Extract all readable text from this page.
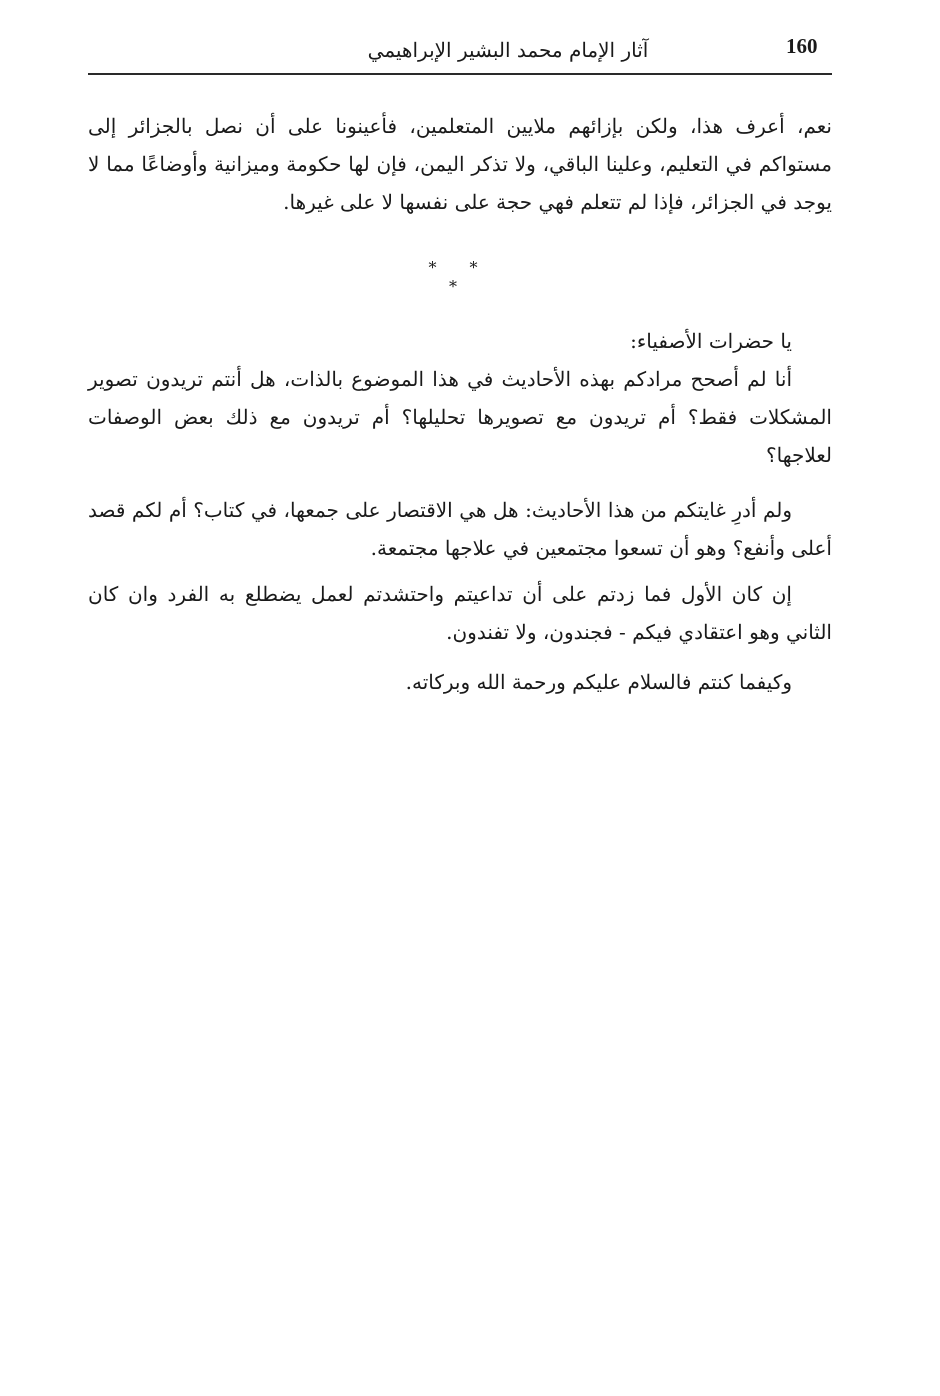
160
آثار الإمام محمد البشير الإبراهيمي

نعم، أعرف هذا، ولكن بإزائهم ملايين المتعلمين، فأعينونا على أن نصل بالجزائر إلى مستواكم في التعليم، وعلينا الباقي، ولا تذكر اليمن، فإن لها حكومة وميزانية وأوضاعًا مما لا يوجد في الجزائر، فإذا لم تتعلم فهي حجة على نفسها لا على غيرها.

* * *

يا حضرات الأصفياء:

أنا لم أصحح مرادكم بهذه الأحاديث في هذا الموضوع بالذات، هل أنتم تريدون تصوير المشكلات فقط؟ أم تريدون مع تصويرها تحليلها؟ أم تريدون مع ذلك بعض الوصفات لعلاجها؟

ولم أدرِ غايتكم من هذا الأحاديث: هل هي الاقتصار على جمعها، في كتاب؟ أم لكم قصد أعلى وأنفع؟ وهو أن تسعوا مجتمعين في علاجها مجتمعة.

إن كان الأول فما زدتم على أن تداعيتم واحتشدتم لعمل يضطلع به الفرد وان كان الثاني وهو اعتقادي فيكم - فجندون، ولا تفندون.

وكيفما كنتم فالسلام عليكم ورحمة الله وبركاته.
